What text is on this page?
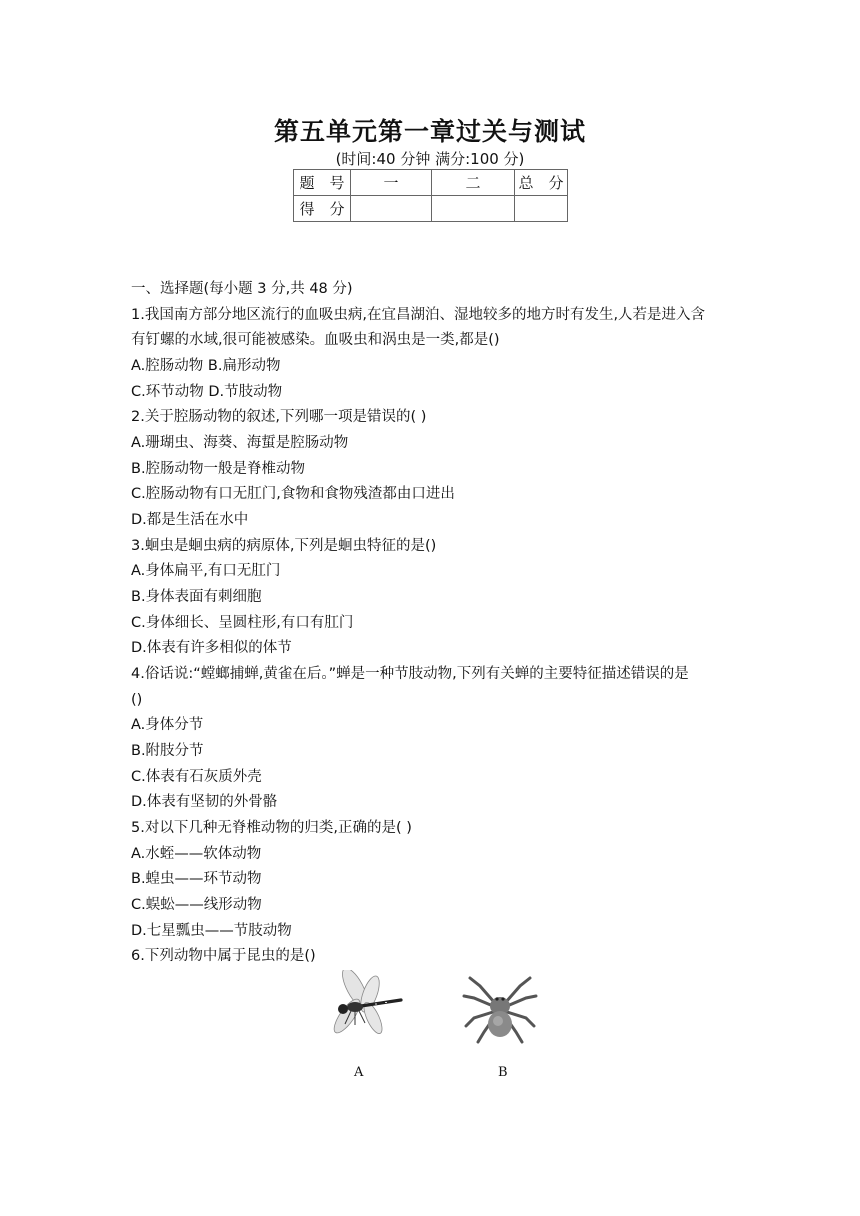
第五单元第一章过关与测试
(时间:40 分钟 满分:100 分)
题　号	一	二	总　分
得　分			
一、选择题(每小题 3 分,共 48 分)
1.我国南方部分地区流行的血吸虫病,在宜昌湖泊、湿地较多的地方时有发生,人若是进入含
有钉螺的水域,很可能被感染。血吸虫和涡虫是一类,都是()
A.腔肠动物 B.扁形动物
C.环节动物 D.节肢动物
2.关于腔肠动物的叙述,下列哪一项是错误的( )
A.珊瑚虫、海葵、海蜇是腔肠动物
B.腔肠动物一般是脊椎动物
C.腔肠动物有口无肛门,食物和食物残渣都由口进出
D.都是生活在水中
3.蛔虫是蛔虫病的病原体,下列是蛔虫特征的是()
A.身体扁平,有口无肛门
B.身体表面有刺细胞
C.身体细长、呈圆柱形,有口有肛门
D.体表有许多相似的体节
4.俗话说:“螳螂捕蝉,黄雀在后。”蝉是一种节肢动物,下列有关蝉的主要特征描述错误的是
()
A.身体分节
B.附肢分节
C.体表有石灰质外壳
D.体表有坚韧的外骨骼
5.对以下几种无脊椎动物的归类,正确的是( )
A.水蛭——软体动物
B.蝗虫——环节动物
C.蜈蚣——线形动物
D.七星瓢虫——节肢动物
6.下列动物中属于昆虫的是()
A	B
